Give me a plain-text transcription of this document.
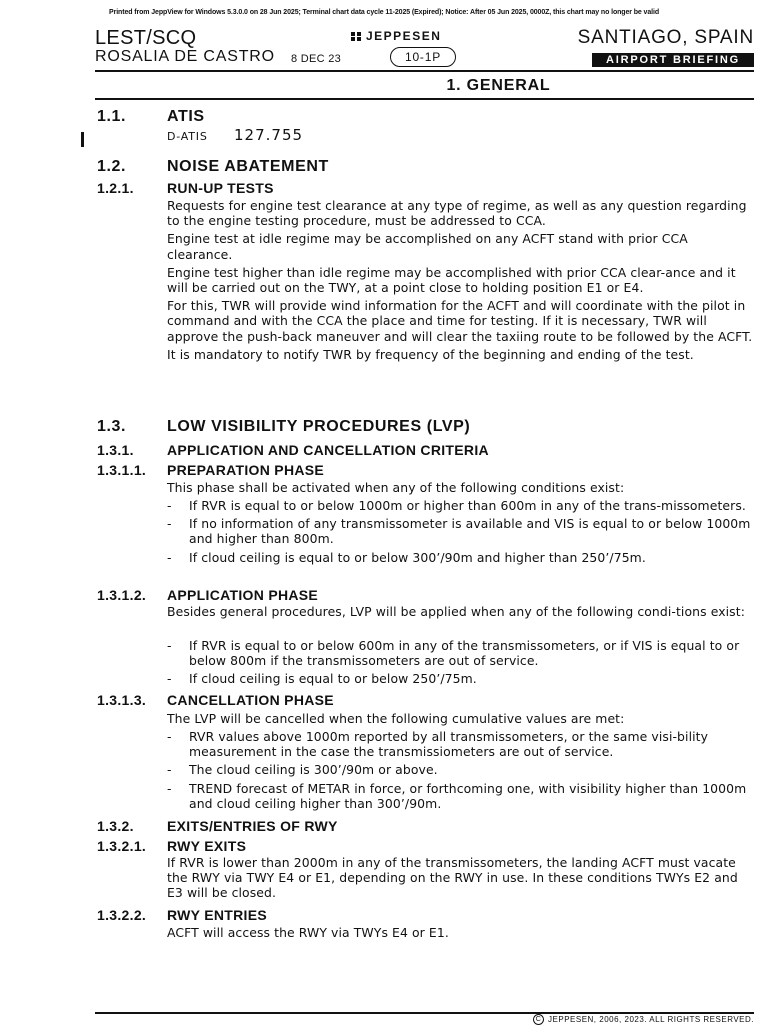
Printed from JeppView for Windows 5.3.0.0 on 28 Jun 2025; Terminal chart data cycle 11-2025 (Expired); Notice: After 05 Jun 2025, 0000Z, this chart may no longer be valid
LEST/SCQ
ROSALIA DE CASTRO 8 DEC 23
JEPPESEN
10-1P
SANTIAGO, SPAIN
AIRPORT BRIEFING
1. GENERAL
1.1.	ATIS
D-ATIS 127.755
1.2.	NOISE ABATEMENT
1.2.1. RUN-UP TESTS

Requests for engine test clearance at any type of regime, as well as any question regarding to the engine testing procedure, must be addressed to CCA.

Engine test at idle regime may be accomplished on any ACFT stand with prior CCA clearance.

Engine test higher than idle regime may be accomplished with prior CCA clear-ance and it will be carried out on the TWY, at a point close to holding position E1 or E4.

For this, TWR will provide wind information for the ACFT and will coordinate with the pilot in command and with the CCA the place and time for testing. If it is necessary, TWR will approve the push-back maneuver and will clear the taxiing route to be followed by the ACFT.

It is mandatory to notify TWR by frequency of the beginning and ending of the test.

1.3.	LOW VISIBILITY PROCEDURES (LVP)
1.3.1. APPLICATION AND CANCELLATION CRITERIA
1.3.1.1. PREPARATION PHASE

This phase shall be activated when any of the following conditions exist:

- If RVR is equal to or below 1000m or higher than 600m in any of the trans-missometers.
- If no information of any transmissometer is available and VIS is equal to or below 1000m and higher than 800m.
- If cloud ceiling is equal to or below 300’/90m and higher than 250’/75m.
1.3.1.2. APPLICATION PHASE

Besides general procedures, LVP will be applied when any of the following condi-tions exist:

- If RVR is equal to or below 600m in any of the transmissometers, or if VIS is equal to or below 800m if the transmissometers are out of service.
- If cloud ceiling is equal to or below 250’/75m.
1.3.1.3. CANCELLATION PHASE

The LVP will be cancelled when the following cumulative values are met:

- RVR values above 1000m reported by all transmissometers, or the same visi-bility measurement in the case the transmissiometers are out of service.
- The cloud ceiling is 300’/90m or above.
- TREND forecast of METAR in force, or forthcoming one, with visibility higher than 1000m and cloud ceiling higher than 300’/90m.
1.3.2. EXITS/ENTRIES OF RWY
1.3.2.1. RWY EXITS

If RVR is lower than 2000m in any of the transmissometers, the landing ACFT must vacate the RWY via TWY E4 or E1, depending on the RWY in use. In these conditions TWYs E2 and E3 will be closed.

1.3.2.2. RWY ENTRIES

ACFT will access the RWY via TWYs E4 or E1.

C JEPPESEN, 2006, 2023. ALL RIGHTS RESERVED.
